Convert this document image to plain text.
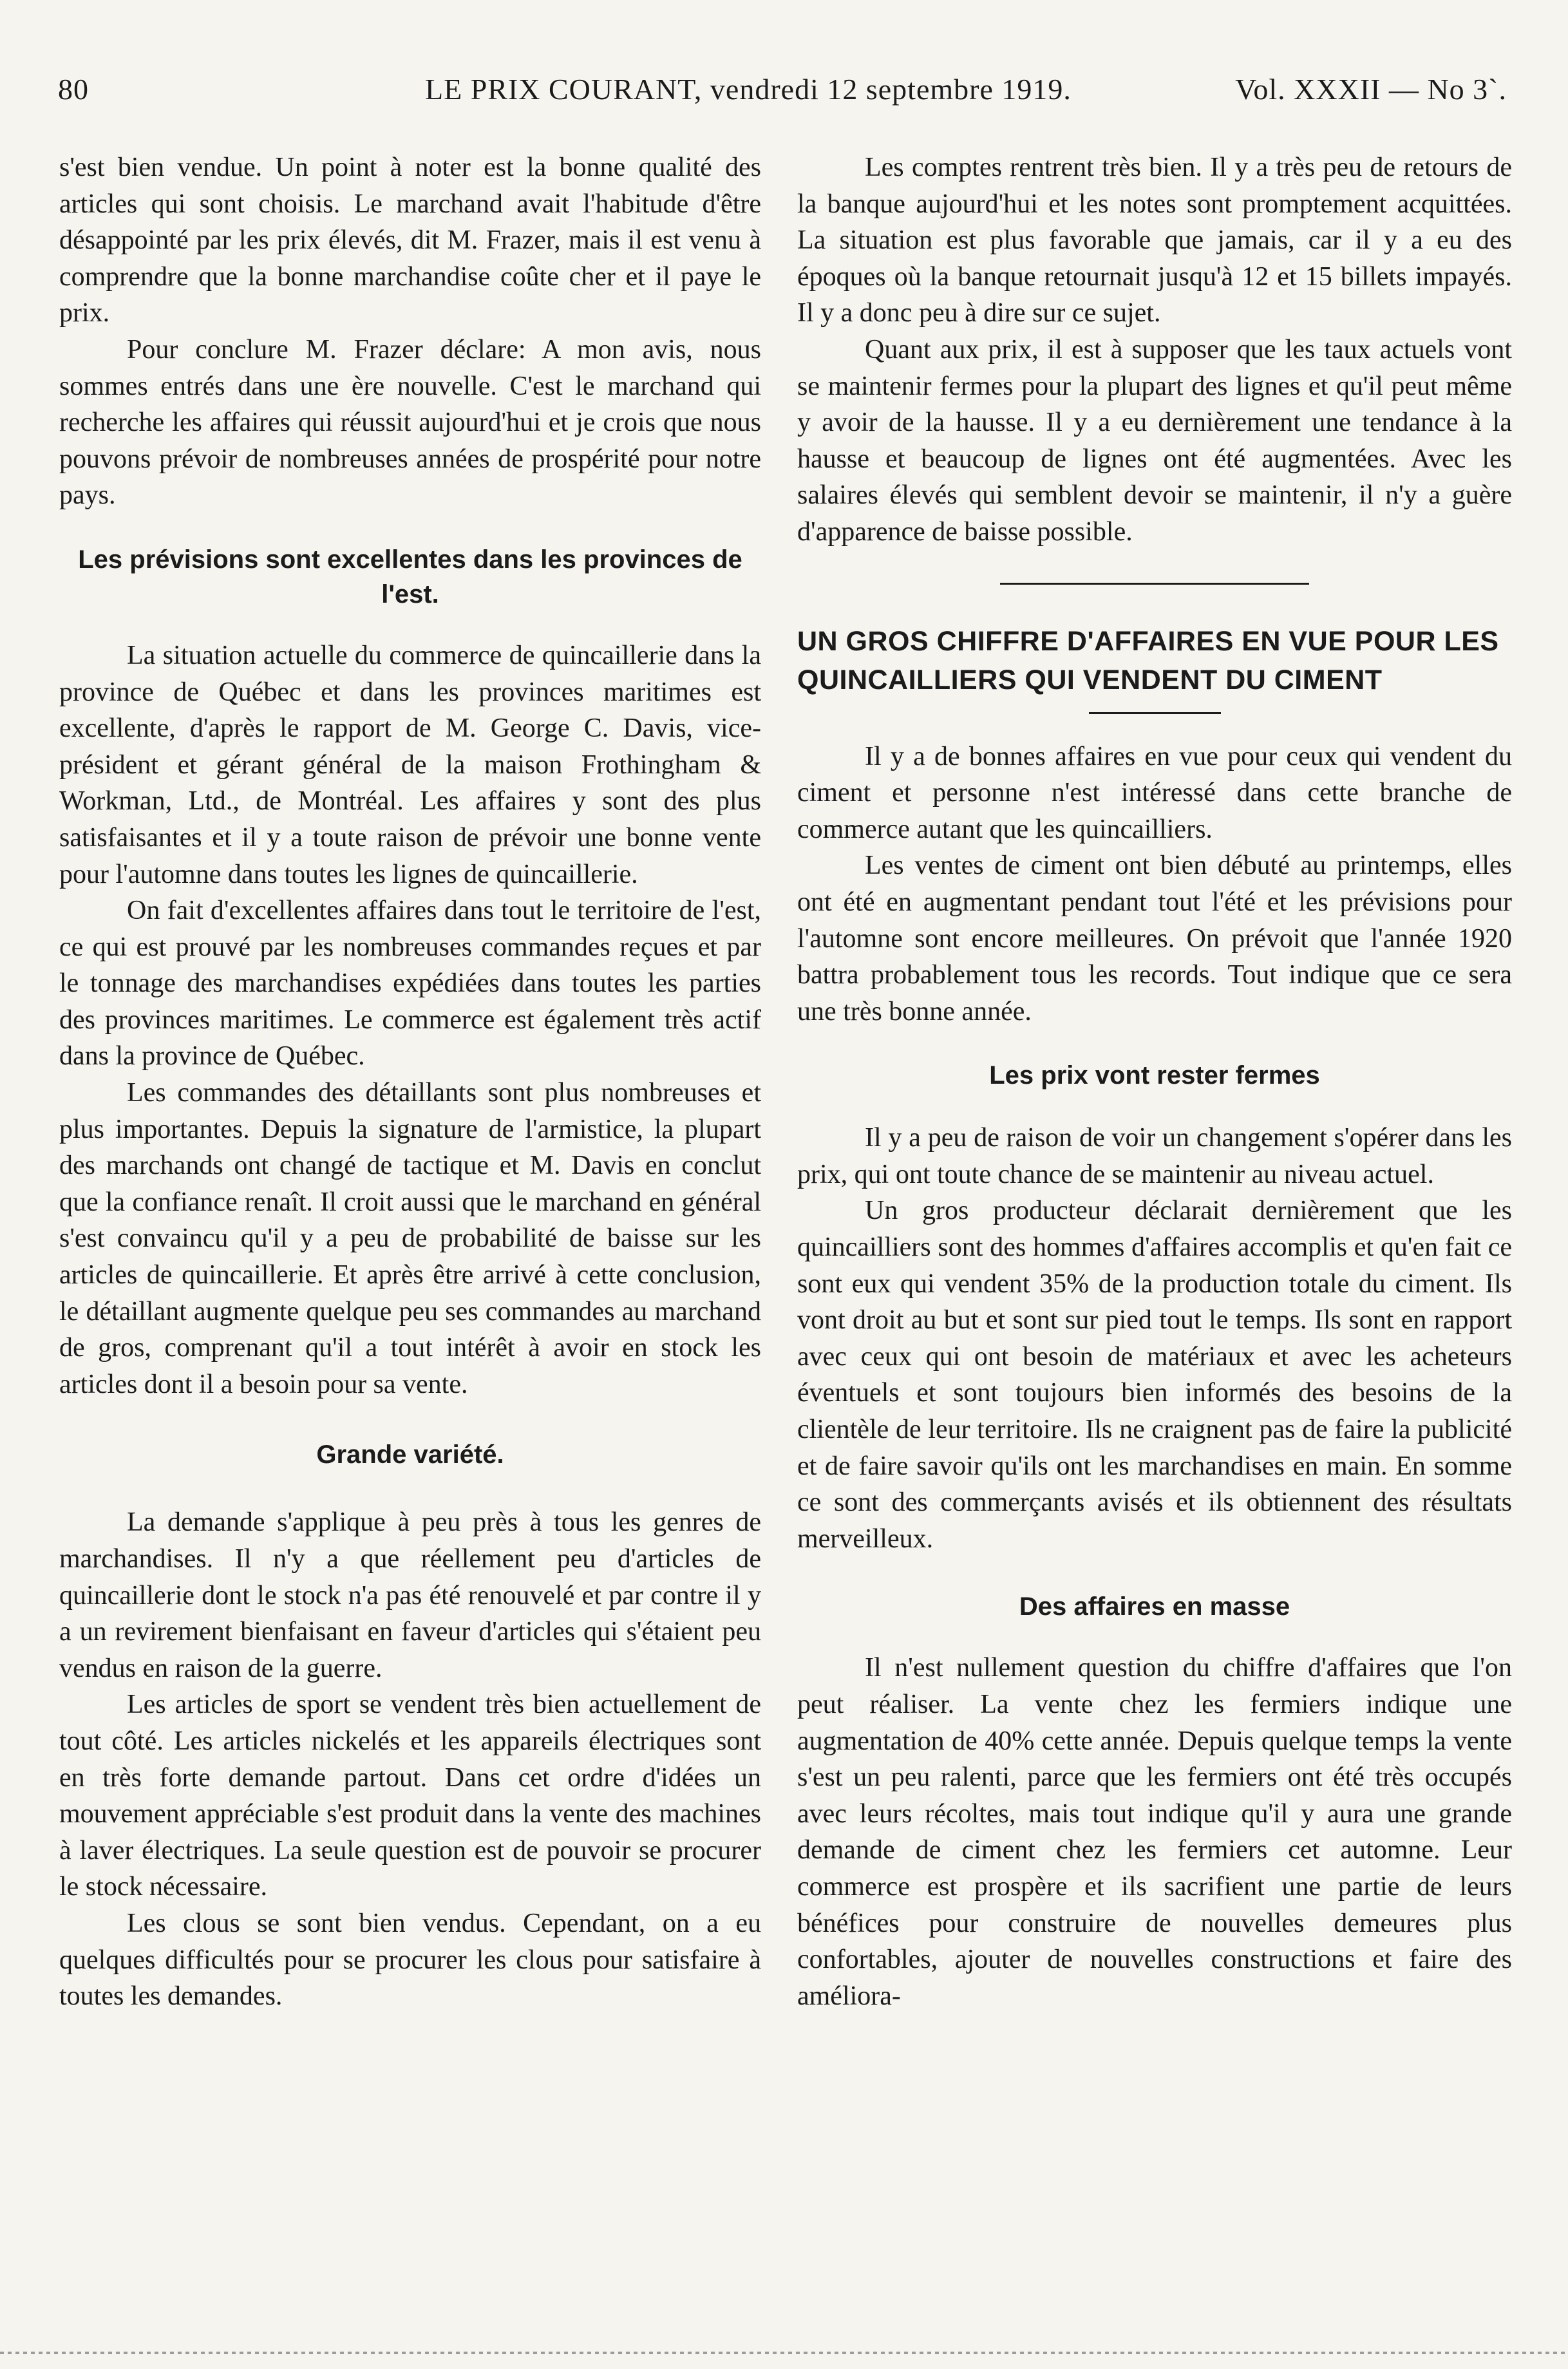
80	LE PRIX COURANT, vendredi 12 septembre 1919.	Vol. XXXII — No 3`.

s'est bien vendue. Un point à noter est la bonne qualité des articles qui sont choisis. Le marchand avait l'habitude d'être désappointé par les prix élevés, dit M. Frazer, mais il est venu à comprendre que la bonne marchandise coûte cher et il paye le prix.

Pour conclure M. Frazer déclare: A mon avis, nous sommes entrés dans une ère nouvelle. C'est le marchand qui recherche les affaires qui réussit aujourd'hui et je crois que nous pouvons prévoir de nombreuses années de prospérité pour notre pays.

Les prévisions sont excellentes dans les provinces de l'est.

La situation actuelle du commerce de quincaillerie dans la province de Québec et dans les provinces maritimes est excellente, d'après le rapport de M. George C. Davis, vice-président et gérant général de la maison Frothingham & Workman, Ltd., de Montréal. Les affaires y sont des plus satisfaisantes et il y a toute raison de prévoir une bonne vente pour l'automne dans toutes les lignes de quincaillerie.

On fait d'excellentes affaires dans tout le territoire de l'est, ce qui est prouvé par les nombreuses commandes reçues et par le tonnage des marchandises expédiées dans toutes les parties des provinces maritimes. Le commerce est également très actif dans la province de Québec.

Les commandes des détaillants sont plus nombreuses et plus importantes. Depuis la signature de l'armistice, la plupart des marchands ont changé de tactique et M. Davis en conclut que la confiance renaît. Il croit aussi que le marchand en général s'est convaincu qu'il y a peu de probabilité de baisse sur les articles de quincaillerie. Et après être arrivé à cette conclusion, le détaillant augmente quelque peu ses commandes au marchand de gros, comprenant qu'il a tout intérêt à avoir en stock les articles dont il a besoin pour sa vente.

Grande variété.

La demande s'applique à peu près à tous les genres de marchandises. Il n'y a que réellement peu d'articles de quincaillerie dont le stock n'a pas été renouvelé et par contre il y a un revirement bienfaisant en faveur d'articles qui s'étaient peu vendus en raison de la guerre.

Les articles de sport se vendent très bien actuellement de tout côté. Les articles nickelés et les appareils électriques sont en très forte demande partout. Dans cet ordre d'idées un mouvement appréciable s'est produit dans la vente des machines à laver électriques. La seule question est de pouvoir se procurer le stock nécessaire.

Les clous se sont bien vendus. Cependant, on a eu quelques difficultés pour se procurer les clous pour satisfaire à toutes les demandes.

Les comptes rentrent très bien. Il y a très peu de retours de la banque aujourd'hui et les notes sont promptement acquittées. La situation est plus favorable que jamais, car il y a eu des époques où la banque retournait jusqu'à 12 et 15 billets impayés. Il y a donc peu à dire sur ce sujet.

Quant aux prix, il est à supposer que les taux actuels vont se maintenir fermes pour la plupart des lignes et qu'il peut même y avoir de la hausse. Il y a eu dernièrement une tendance à la hausse et beaucoup de lignes ont été augmentées. Avec les salaires élevés qui semblent devoir se maintenir, il n'y a guère d'apparence de baisse possible.

UN GROS CHIFFRE D'AFFAIRES EN VUE POUR LES QUINCAILLIERS QUI VENDENT DU CIMENT

Il y a de bonnes affaires en vue pour ceux qui vendent du ciment et personne n'est intéressé dans cette branche de commerce autant que les quincailliers.

Les ventes de ciment ont bien débuté au printemps, elles ont été en augmentant pendant tout l'été et les prévisions pour l'automne sont encore meilleures. On prévoit que l'année 1920 battra probablement tous les records. Tout indique que ce sera une très bonne année.

Les prix vont rester fermes

Il y a peu de raison de voir un changement s'opérer dans les prix, qui ont toute chance de se maintenir au niveau actuel.

Un gros producteur déclarait dernièrement que les quincailliers sont des hommes d'affaires accomplis et qu'en fait ce sont eux qui vendent 35% de la production totale du ciment. Ils vont droit au but et sont sur pied tout le temps. Ils sont en rapport avec ceux qui ont besoin de matériaux et avec les acheteurs éventuels et sont toujours bien informés des besoins de la clientèle de leur territoire. Ils ne craignent pas de faire la publicité et de faire savoir qu'ils ont les marchandises en main. En somme ce sont des commerçants avisés et ils obtiennent des résultats merveilleux.

Des affaires en masse

Il n'est nullement question du chiffre d'affaires que l'on peut réaliser. La vente chez les fermiers indique une augmentation de 40% cette année. Depuis quelque temps la vente s'est un peu ralenti, parce que les fermiers ont été très occupés avec leurs récoltes, mais tout indique qu'il y aura une grande demande de ciment chez les fermiers cet automne. Leur commerce est prospère et ils sacrifient une partie de leurs bénéfices pour construire de nouvelles demeures plus confortables, ajouter de nouvelles constructions et faire des améliora-
